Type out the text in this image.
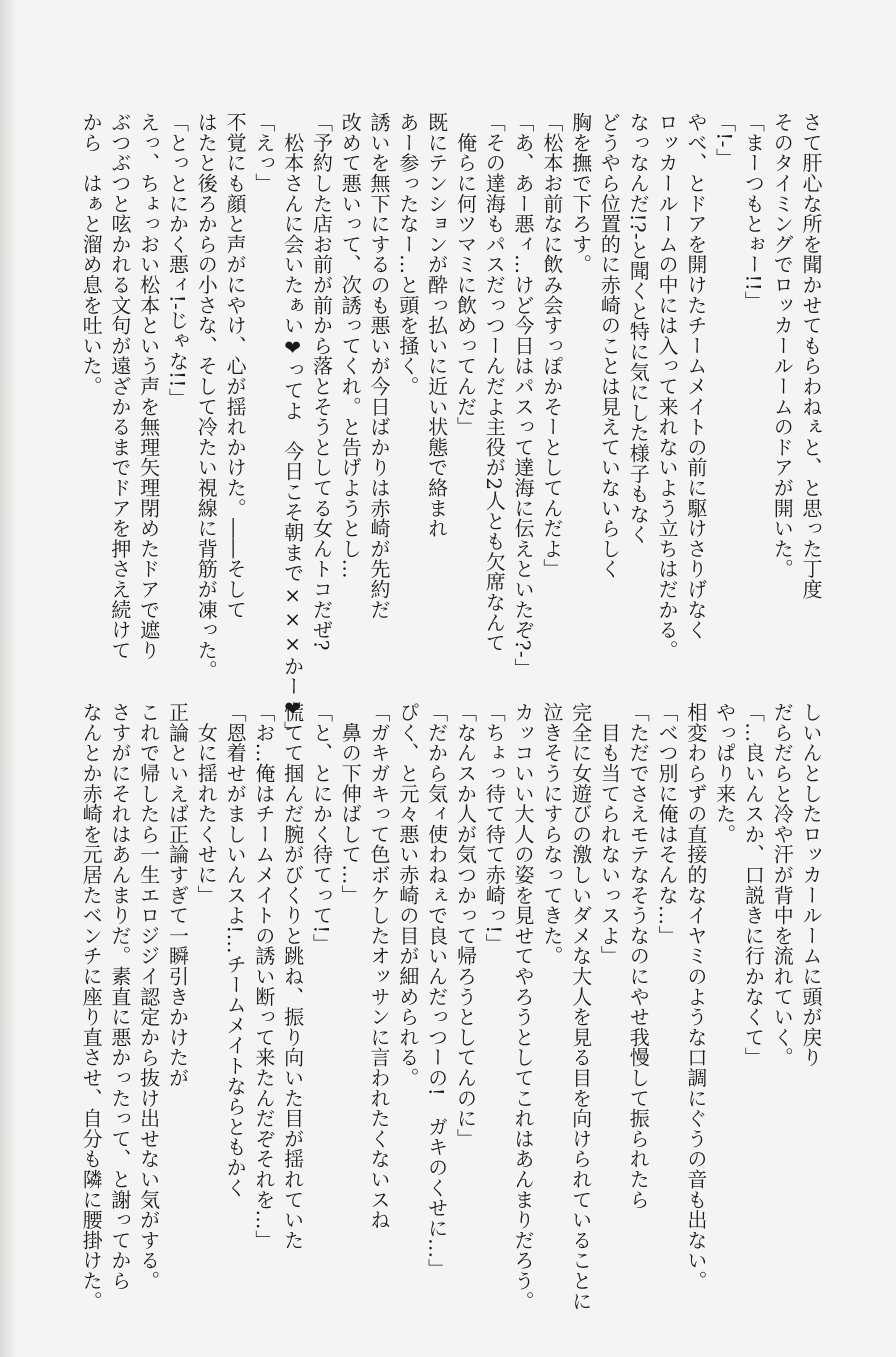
さて肝心な所を聞かせてもらわねぇと、と思った丁度
そのタイミングでロッカールームのドアが開いた。
「まーつもとぉー!!」
「!-」
やべ、とドアを開けたチームメイトの前に駆けさりげなく
ロッカールームの中には入って来れないよう立ちはだかる。
なっなんだ!?-と聞くと特に気にした様子もなく
どうやら位置的に赤崎のことは見えていないらしく
胸を撫で下ろす。
「松本お前なに飲み会すっぽかそーとしてんだよ」
「あ、あー悪ィ…けど今日はパスって達海に伝えといたぞ?-」
「その達海もパスだっつーんだよ主役が2人とも欠席なんて
　俺らに何ツマミに飲めってんだ」
既にテンションが酔っ払いに近い状態で絡まれ
あー参ったなー…と頭を掻く。
誘いを無下にするのも悪いが今日ばかりは赤崎が先約だ
改めて悪いって、次誘ってくれ。と告げようとし…
「予約した店お前が前から落とそうとしてる女んトコだぜ?
　松本さんに会いたぁい❤ってよ　今日こそ朝まで×××かー❤」
「えっ」
不覚にも顔と声がにやけ、心が揺れかけた。――そして
はたと後ろからの小さな、そして冷たい視線に背筋が凍った。
「とっとにかく悪ィ!-じゃな!!」
えっ、ちょっおい松本という声を無理矢理閉めたドアで遮り
ぶつぶつと呟かれる文句が遠ざかるまでドアを押さえ続けて
から　はぁと溜め息を吐いた。
しいんとしたロッカールームに頭が戻り
だらだらと冷や汗が背中を流れていく。
「…良いんスか、口説きに行かなくて」
やっぱり来た。
相変わらずの直接的なイヤミのような口調にぐうの音も出ない。
「べつ別に俺はそんな…」
「ただでさえモテなそうなのにやせ我慢して振られたら
　目も当てられないっスよ」
完全に女遊びの激しいダメな大人を見る目を向けられていることに
泣きそうにすらなってきた。
カッコいい大人の姿を見せてやろうとしてこれはあんまりだろう。
「ちょっ待て待て赤崎っ!」
「なんスか人が気つかって帰ろうとしてんのに」
「だから気ィ使わねぇで良いんだっつーの!　ガキのくせに…」
ぴく、と元々悪い赤崎の目が細められる。
「ガキガキって色ボケしたオッサンに言われたくないスね
　鼻の下伸ばして…」
「と、とにかく待てって!」
慌てて掴んだ腕がびくりと跳ね、振り向いた目が揺れていた
「お…俺はチームメイトの誘い断って来たんだぞそれを…」
「恩着せがましいんスよ!…チームメイトならともかく
　女に揺れたくせに」
正論といえば正論すぎて一瞬引きかけたが
これで帰したら一生エロジジイ認定から抜け出せない気がする。
さすがにそれはあんまりだ。素直に悪かったって、と謝ってから
なんとか赤崎を元居たベンチに座り直させ、自分も隣に腰掛けた。
